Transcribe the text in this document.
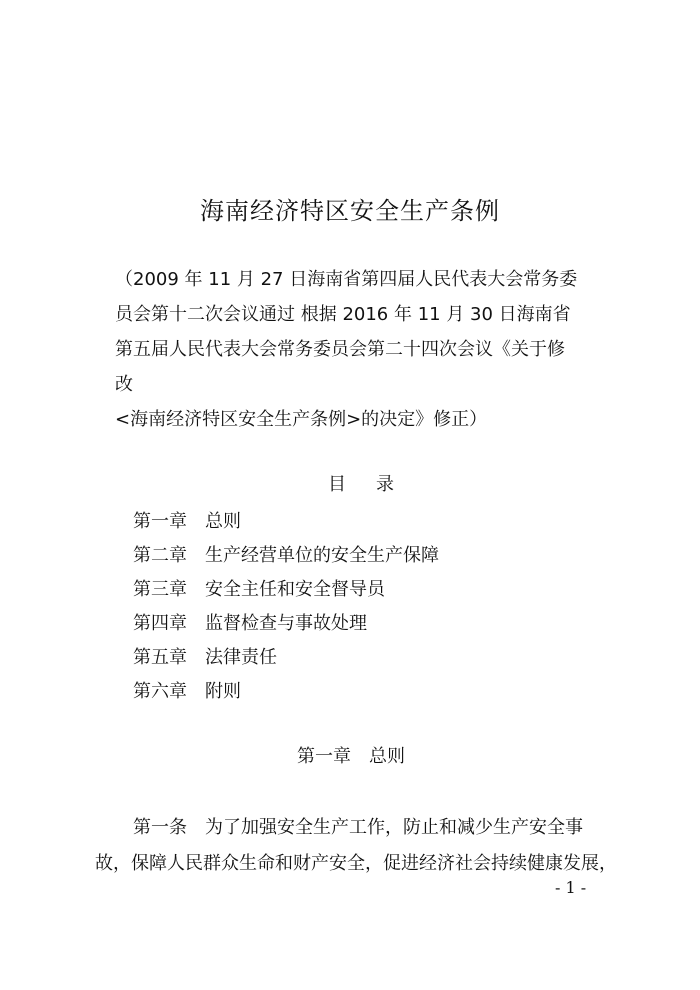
海南经济特区安全生产条例
（2009 年 11 月 27 日海南省第四届人民代表大会常务委
员会第十二次会议通过 根据 2016 年 11 月 30 日海南省
第五届人民代表大会常务委员会第二十四次会议《关于修
改
<海南经济特区安全生产条例>的决定》修正）
目录
第一章 总则
第二章 生产经营单位的安全生产保障
第三章 安全主任和安全督导员
第四章 监督检查与事故处理
第五章 法律责任
第六章 附则
第一章 总则
第一条 为了加强安全生产工作，防止和减少生产安全事
故，保障人民群众生命和财产安全，促进经济社会持续健康发展，
- 1 -
